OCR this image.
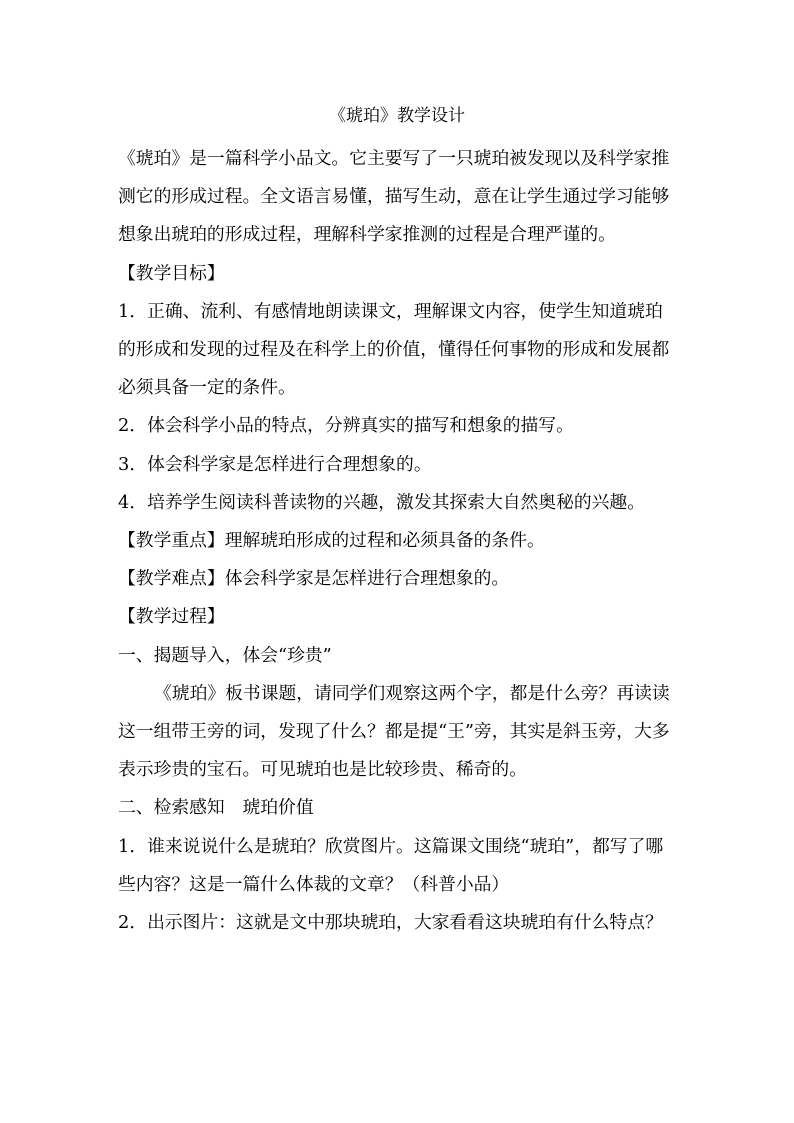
《琥珀》教学设计

《琥珀》是一篇科学小品文。它主要写了一只琥珀被发现以及科学家推测它的形成过程。全文语言易懂，描写生动，意在让学生通过学习能够想象出琥珀的形成过程，理解科学家推测的过程是合理严谨的。

【教学目标】

1．正确、流利、有感情地朗读课文，理解课文内容，使学生知道琥珀的形成和发现的过程及在科学上的价值，懂得任何事物的形成和发展都必须具备一定的条件。

2．体会科学小品的特点，分辨真实的描写和想象的描写。

3．体会科学家是怎样进行合理想象的。

4．培养学生阅读科普读物的兴趣，激发其探索大自然奥秘的兴趣。

【教学重点】理解琥珀形成的过程和必须具备的条件。

【教学难点】体会科学家是怎样进行合理想象的。

【教学过程】

一、揭题导入，体会“珍贵”

《琥珀》板书课题，请同学们观察这两个字，都是什么旁？再读读这一组带王旁的词，发现了什么？都是提“王”旁，其实是斜玉旁，大多表示珍贵的宝石。可见琥珀也是比较珍贵、稀奇的。

二、检索感知　琥珀价值

1．谁来说说什么是琥珀？欣赏图片。这篇课文围绕“琥珀”，都写了哪些内容？这是一篇什么体裁的文章？（科普小品）

2．出示图片：这就是文中那块琥珀，大家看看这块琥珀有什么特点？
